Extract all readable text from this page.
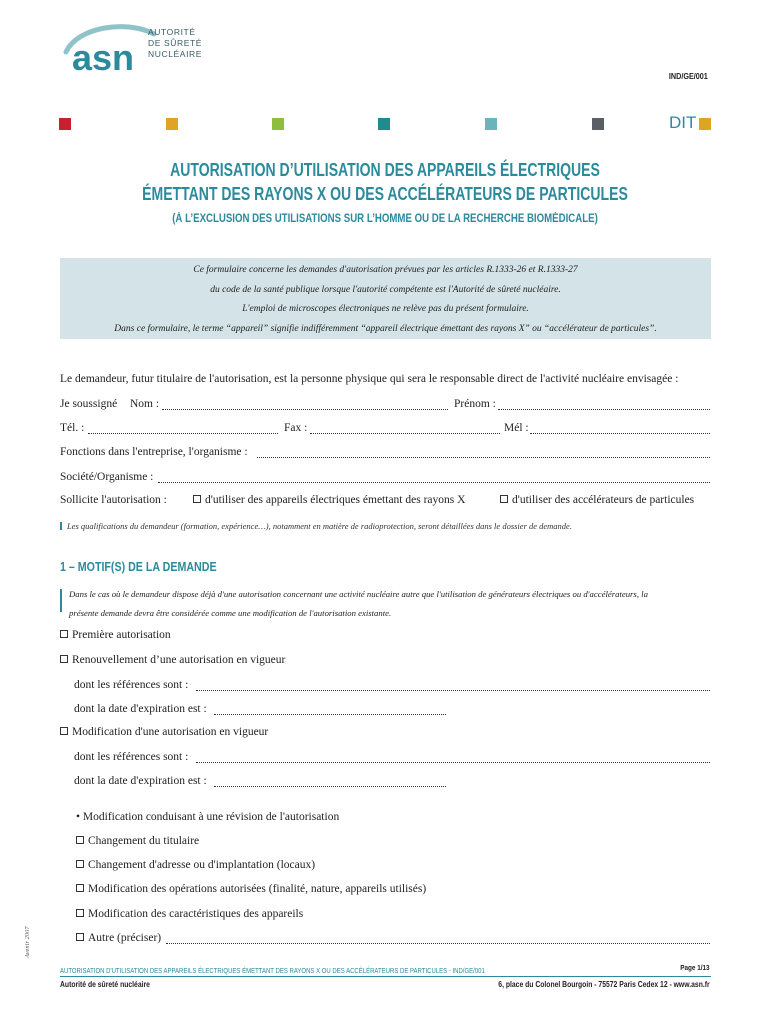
asn
AUTORITÉ
DE SÛRETÉ
NUCLÉAIRE
IND/GE/001
DIT
AUTORISATION D’UTILISATION DES APPAREILS ÉLECTRIQUES
ÉMETTANT DES RAYONS X OU DES ACCÉLÉRATEURS DE PARTICULES
(À L’EXCLUSION DES UTILISATIONS SUR L’HOMME OU DE LA RECHERCHE BIOMÉDICALE)
Ce formulaire concerne les demandes d'autorisation prévues par les articles R.1333-26 et R.1333-27
du code de la santé publique lorsque l'autorité compétente est l'Autorité de sûreté nucléaire.
L'emploi de microscopes électroniques ne relève pas du présent formulaire.
Dans ce formulaire, le terme “appareil” signifie indifféremment “appareil électrique émettant des rayons X” ou “accélérateur de particules”.
Le demandeur, futur titulaire de l'autorisation, est la personne physique qui sera le responsable direct de l'activité nucléaire envisagée :
Je soussigné Nom :	Prénom :
Tél. :	Fax :	Mél :
Fonctions dans l'entreprise, l'organisme :
Société/Organisme :
Sollicite l'autorisation :	d'utiliser des appareils électriques émettant des rayons X	d'utiliser des accélérateurs de particules
Les qualifications du demandeur (formation, expérience…), notamment en matière de radioprotection, seront détaillées dans le dossier de demande.
1 – MOTIF(S) DE LA DEMANDE
Dans le cas où le demandeur dispose déjà d'une autorisation concernant une activité nucléaire autre que l'utilisation de générateurs électriques ou d'accélérateurs, la
présente demande devra être considérée comme une modification de l'autorisation existante.
Première autorisation
Renouvellement d’une autorisation en vigueur
dont les références sont :
dont la date d'expiration est :
Modification d'une autorisation en vigueur
dont les références sont :
dont la date d'expiration est :
• Modification conduisant à une révision de l'autorisation
Changement du titulaire
Changement d'adresse ou d'implantation (locaux)
Modification des opérations autorisées (finalité, nature, appareils utilisés)
Modification des caractéristiques des appareils
Autre (préciser)
Avenir 2007
AUTORISATION D'UTILISATION DES APPAREILS ÉLECTRIQUES ÉMETTANT DES RAYONS X OU DES ACCÉLÉRATEURS DE PARTICULES - IND/GE/001	Page 1/13
Autorité de sûreté nucléaire	6, place du Colonel Bourgoin - 75572 Paris Cedex 12 - www.asn.fr
